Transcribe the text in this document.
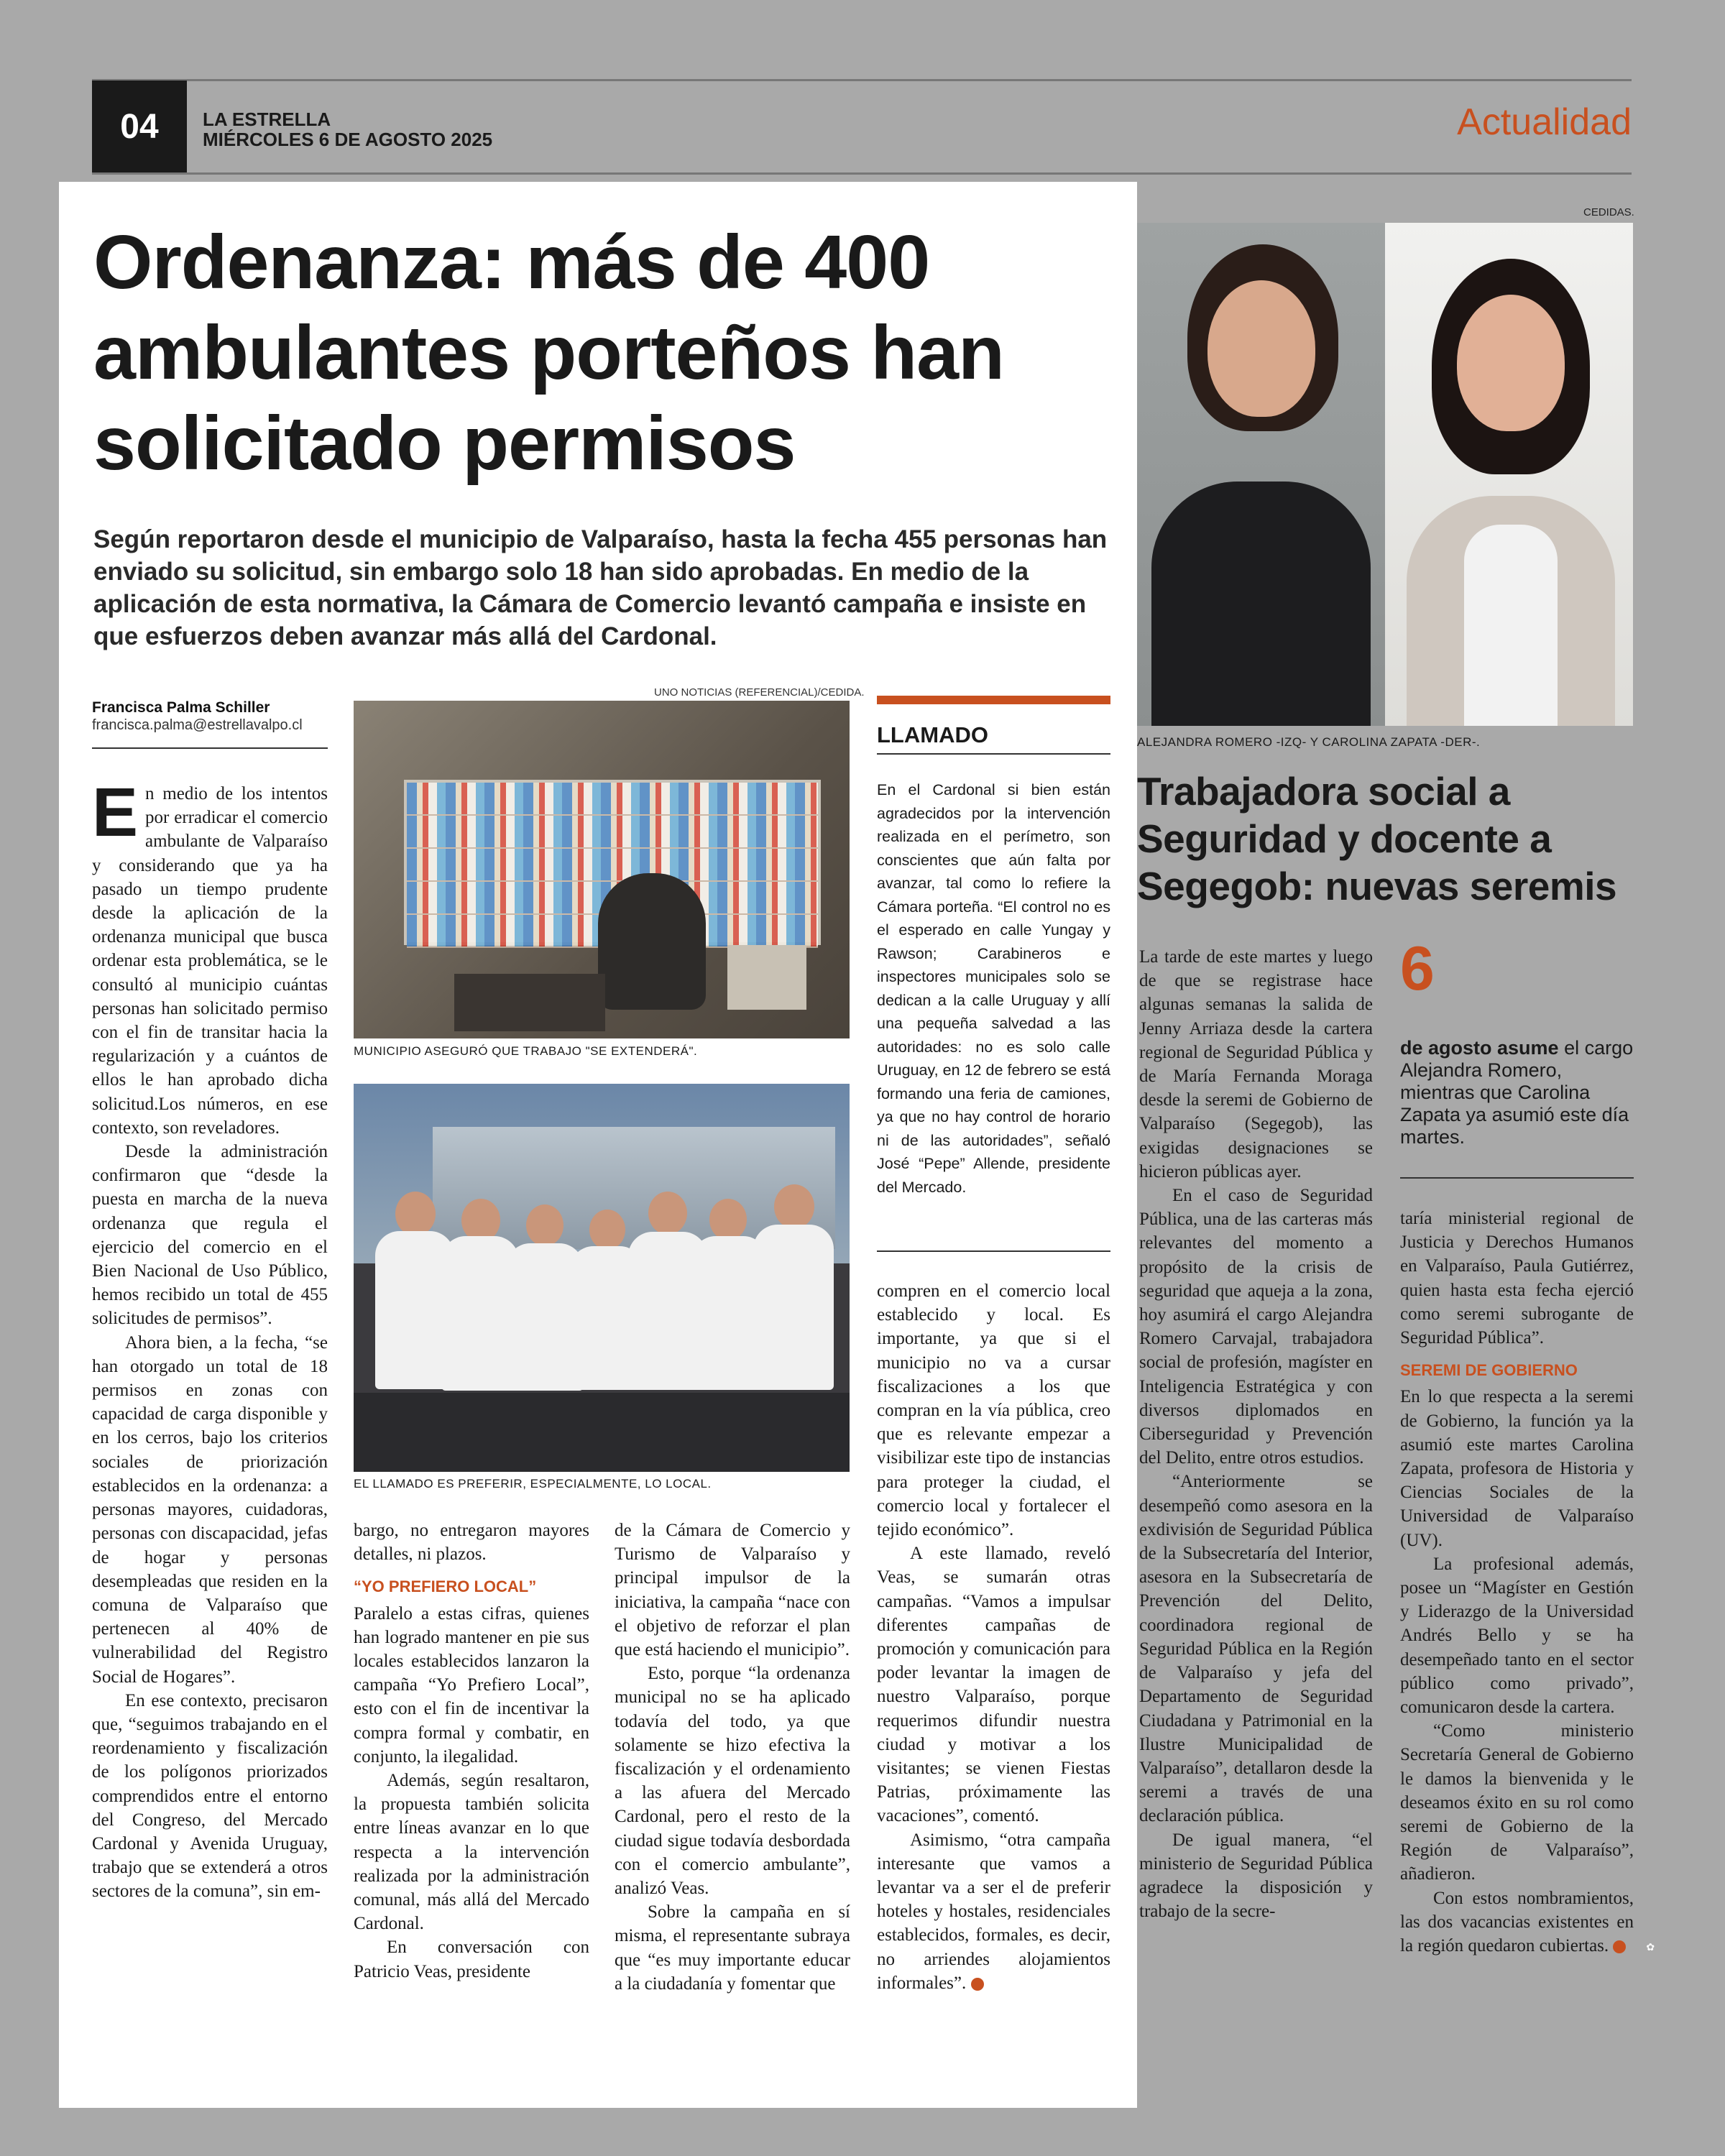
04	LA ESTRELLA
MIÉRCOLES 6 DE AGOSTO 2025	Actualidad
Ordenanza: más de 400 ambulantes porteños han solicitado permisos
Según reportaron desde el municipio de Valparaíso, hasta la fecha 455 personas han enviado su solicitud, sin embargo solo 18 han sido aprobadas. En medio de la aplicación de esta normativa, la Cámara de Comercio levantó campaña e insiste en que esfuerzos deben avanzar más allá del Cardonal.
Francisca Palma Schiller
francisca.palma@estrellavalpo.cl
E n medio de los intentos por erradicar el comercio ambulante de Valparaíso y considerando que ya ha pasado un tiempo prudente desde la aplicación de la ordenanza municipal que busca ordenar esta problemática, se le consultó al municipio cuántas personas han solicitado permiso con el fin de transitar hacia la regularización y a cuántos de ellos le han aprobado dicha solicitud.Los números, en ese contexto, son reveladores.

Desde la administración confirmaron que “desde la puesta en marcha de la nueva ordenanza que regula el ejercicio del comercio en el Bien Nacional de Uso Público, hemos recibido un total de 455 solicitudes de permisos”.

Ahora bien, a la fecha, “se han otorgado un total de 18 permisos en zonas con capacidad de carga disponible y en los cerros, bajo los criterios sociales de priorización establecidos en la ordenanza: a personas mayores, cuidadoras, personas con discapacidad, jefas de hogar y personas desempleadas que residen en la comuna de Valparaíso que pertenecen al 40% de vulnerabilidad del Registro Social de Hogares”.

En ese contexto, precisaron que, “seguimos trabajando en el reordenamiento y fiscalización de los polígonos priorizados comprendidos entre el entorno del Congreso, del Mercado Cardonal y Avenida Uruguay, trabajo que se extenderá a otros sectores de la comuna”, sin em-

UNO NOTICIAS (REFERENCIAL)/CEDIDA.
MUNICIPIO ASEGURÓ QUE TRABAJO "SE EXTENDERÁ".
EL LLAMADO ES PREFERIR, ESPECIALMENTE, LO LOCAL.

bargo, no entregaron mayores detalles, ni plazos.

“YO PREFIERO LOCAL”

Paralelo a estas cifras, quienes han logrado mantener en pie sus locales establecidos lanzaron la campaña “Yo Prefiero Local”, esto con el fin de incentivar la compra formal y combatir, en conjunto, la ilegalidad.

Además, según resaltaron, la propuesta también solicita entre líneas avanzar en lo que respecta a la intervención realizada por la administración comunal, más allá del Mercado Cardonal.

En conversación con Patricio Veas, presidente

de la Cámara de Comercio y Turismo de Valparaíso y principal impulsor de la iniciativa, la campaña “nace con el objetivo de reforzar el plan que está haciendo el municipio”.

Esto, porque “la ordenanza municipal no se ha aplicado todavía del todo, ya que solamente se hizo efectiva la fiscalización y el ordenamiento a las afuera del Mercado Cardonal, pero el resto de la ciudad sigue todavía desbordada con el comercio ambulante”, analizó Veas.

Sobre la campaña en sí misma, el representante subraya que “es muy importante educar a la ciudadanía y fomentar que

LLAMADO
En el Cardonal si bien están agradecidos por la intervención realizada en el perímetro, son conscientes que aún falta por avanzar, tal como lo refiere la Cámara porteña. “El control no es el esperado en calle Yungay y Rawson; Carabineros e inspectores municipales solo se dedican a la calle Uruguay y allí una pequeña salvedad a las autoridades: no es solo calle Uruguay, en 12 de febrero se está formando una feria de camiones, ya que no hay control de horario ni de las autoridades”, señaló José “Pepe” Allende, presidente del Mercado.

compren en el comercio local establecido y local. Es importante, ya que si el municipio no va a cursar fiscalizaciones a los que compran en la vía pública, creo que es relevante empezar a visibilizar este tipo de instancias para proteger la ciudad, el comercio local y fortalecer el tejido económico”.

A este llamado, reveló Veas, se sumarán otras campañas. “Vamos a impulsar diferentes campañas de promoción y comunicación para poder levantar la imagen de nuestro Valparaíso, porque requerimos difundir nuestra ciudad y motivar a los visitantes; se vienen Fiestas Patrias, próximamente las vacaciones”, comentó.

Asimismo, “otra campaña interesante que vamos a levantar va a ser el de preferir hoteles y hostales, residenciales establecidos, formales, es decir, no arriendes alojamientos informales”.	✿

CEDIDAS.
ALEJANDRA ROMERO -IZQ- Y CAROLINA ZAPATA -DER-.
Trabajadora social a Seguridad y docente a Segegob: nuevas seremis

La tarde de este martes y luego de que se registrase hace algunas semanas la salida de Jenny Arriaza desde la cartera regional de Seguridad Pública y de María Fernanda Moraga desde la seremi de Gobierno de Valparaíso (Segegob), las exigidas designaciones se hicieron públicas ayer.

En el caso de Seguridad Pública, una de las carteras más relevantes del momento a propósito de la crisis de seguridad que aqueja a la zona, hoy asumirá el cargo Alejandra Romero Carvajal, trabajadora social de profesión, magíster en Inteligencia Estratégica y con diversos diplomados en Ciberseguridad y Prevención del Delito, entre otros estudios.

“Anteriormente se desempeñó como asesora en la exdivisión de Seguridad Pública de la Subsecretaría del Interior, asesora en la Subsecretaría de Prevención del Delito, coordinadora regional de Seguridad Pública en la Región de Valparaíso y jefa del Departamento de Seguridad Ciudadana y Patrimonial en la Ilustre Municipalidad de Valparaíso”, detallaron desde la seremi a través de una declaración pública.

De igual manera, “el ministerio de Seguridad Pública agradece la disposición y trabajo de la secre-

6
de agosto asume el cargo Alejandra Romero, mientras que Carolina Zapata ya asumió este día martes.

taría ministerial regional de Justicia y Derechos Humanos en Valparaíso, Paula Gutiérrez, quien hasta esta fecha ejerció como seremi subrogante de Seguridad Pública”.

SEREMI DE GOBIERNO

En lo que respecta a la seremi de Gobierno, la función ya la asumió este martes Carolina Zapata, profesora de Historia y Ciencias Sociales de la Universidad de Valparaíso (UV).

La profesional además, posee un “Magíster en Gestión y Liderazgo de la Universidad Andrés Bello y se ha desempeñado tanto en el sector público como privado”, comunicaron desde la cartera.

“Como ministerio Secretaría General de Gobierno le damos la bienvenida y le deseamos éxito en su rol como seremi de Gobierno de la Región de Valparaíso”, añadieron.

Con estos nombramientos, las dos vacancias existentes en la región quedaron cubiertas.	✿
